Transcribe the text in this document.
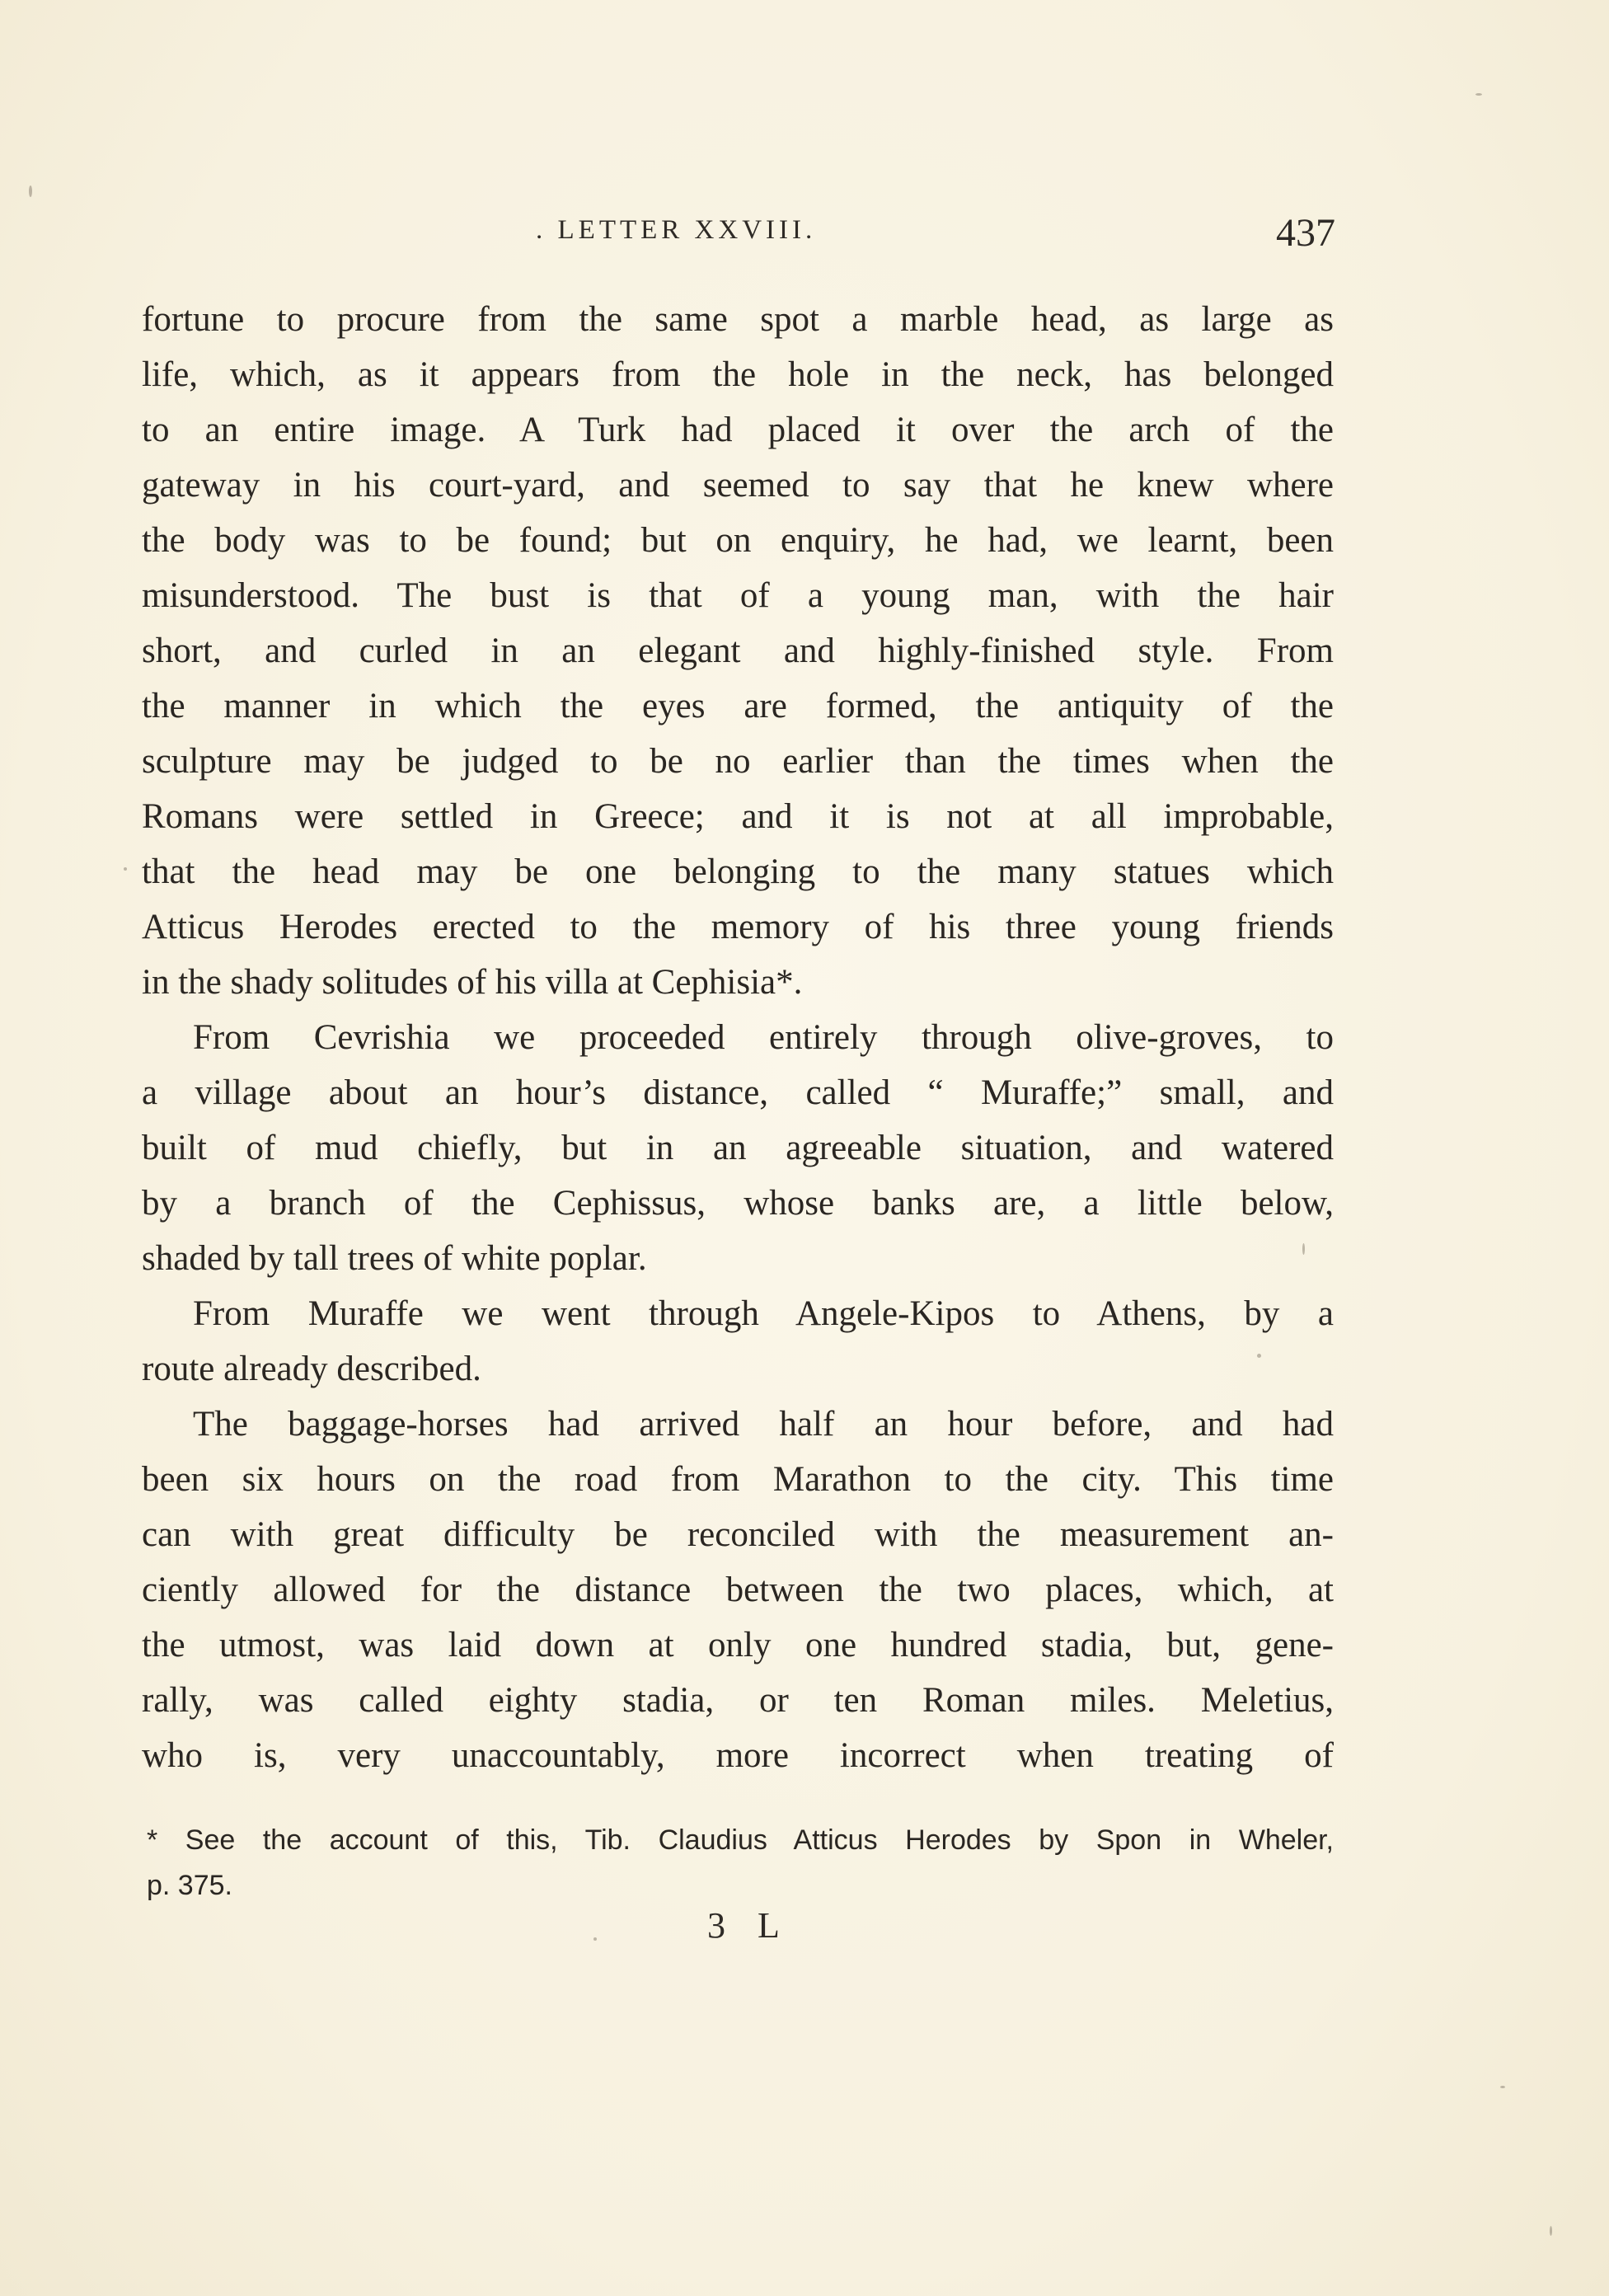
. LETTER XXVIII.	437
fortune to procure from the same spot a marble head, as large as
life, which, as it appears from the hole in the neck, has belonged
to an entire image. A Turk had placed it over the arch of the
gateway in his court-yard, and seemed to say that he knew where
the body was to be found; but on enquiry, he had, we learnt, been
misunderstood. The bust is that of a young man, with the hair
short, and curled in an elegant and highly-finished style. From
the manner in which the eyes are formed, the antiquity of the
sculpture may be judged to be no earlier than the times when the
Romans were settled in Greece; and it is not at all improbable,
that the head may be one belonging to the many statues which
Atticus Herodes erected to the memory of his three young friends
in the shady solitudes of his villa at Cephisia*.
From Cevrishia we proceeded entirely through olive-groves, to
a village about an hour’s distance, called “ Muraffe;” small, and
built of mud chiefly, but in an agreeable situation, and watered
by a branch of the Cephissus, whose banks are, a little below,
shaded by tall trees of white poplar.
From Muraffe we went through Angele-Kipos to Athens, by a
route already described.
The baggage-horses had arrived half an hour before, and had
been six hours on the road from Marathon to the city. This time
can with great difficulty be reconciled with the measurement an-
ciently allowed for the distance between the two places, which, at
the utmost, was laid down at only one hundred stadia, but, gene-
rally, was called eighty stadia, or ten Roman miles. Meletius,
who is, very unaccountably, more incorrect when treating of
* See the account of this, Tib. Claudius Atticus Herodes by Spon in Wheler,
p. 375.
3 L
